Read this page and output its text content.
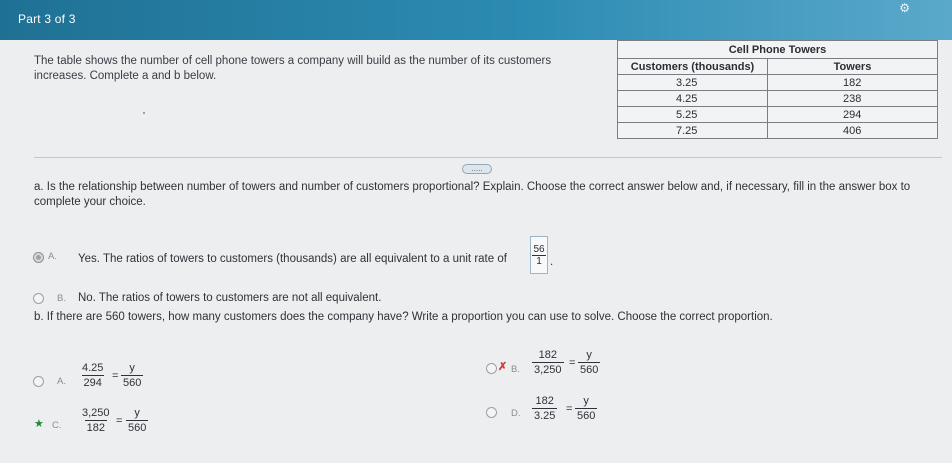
Part 3 of 3
⚙
The table shows the number of cell phone towers a company will build as the number of its customers increases. Complete a and b below.
Cell Phone Towers	
Customers (thousands)	Towers
3.25	182
4.25	238
5.25	294
7.25	406
.....
a. Is the relationship between number of towers and number of customers proportional? Explain. Choose the correct answer below and, if necessary, fill in the answer box to complete your choice.
A. Yes. The ratios of towers to customers (thousands) are all equivalent to a unit rate of $\frac{56}{1}$ .
B. No. The ratios of towers to customers are not all equivalent.
b. If there are 560 towers, how many customers does the company have? Write a proportion you can use to solve. Choose the correct proportion.
A. $\frac{4.25}{294} = \frac{y}{560}$	✗ B. $\frac{182}{3,250} = \frac{y}{560}$
★ C. $\frac{3,250}{182} = \frac{y}{560}$	D. $\frac{182}{3.25} = \frac{y}{560}$
